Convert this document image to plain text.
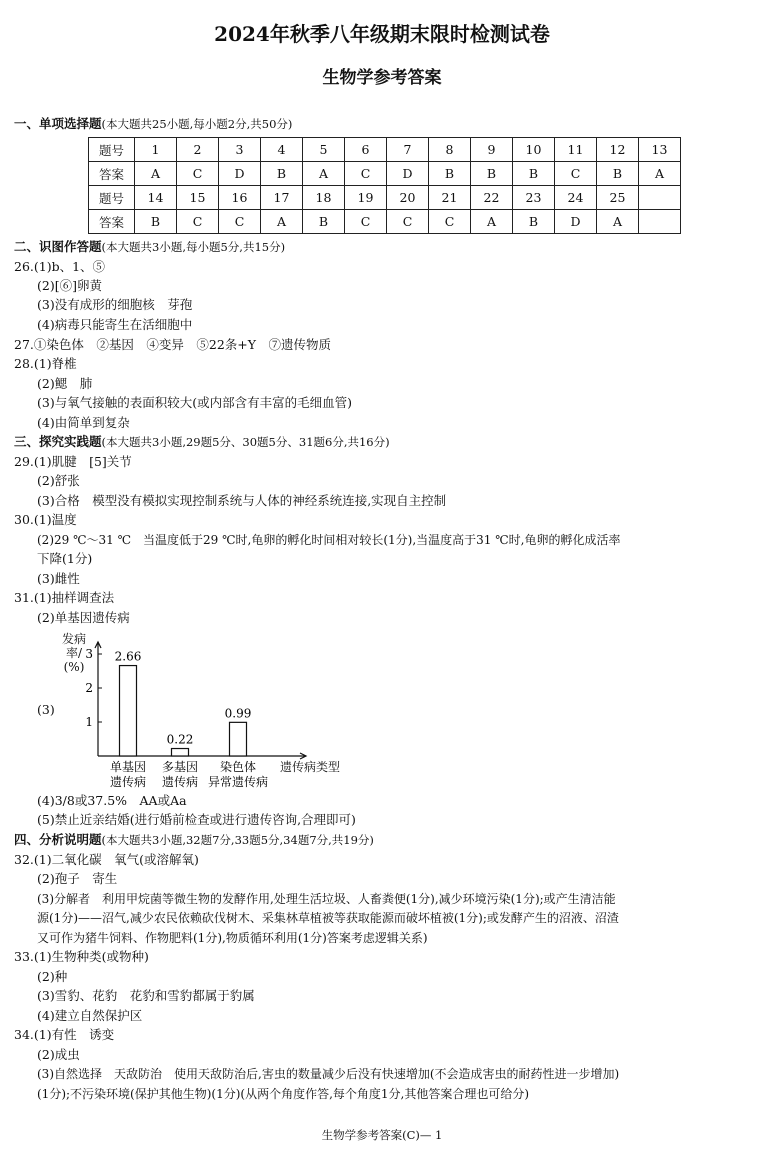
2024年秋季八年级期末限时检测试卷
生物学参考答案
一、单项选择题(本大题共25小题,每小题2分,共50分)
题号	1	2	3	4	5	6	7	8	9	10	11	12	13
答案	A	C	D	B	A	C	D	B	B	B	C	B	A
题号	14	15	16	17	18	19	20	21	22	23	24	25	
答案	B	C	C	A	B	C	C	C	A	B	D	A	
二、识图作答题(本大题共3小题,每小题5分,共15分)
26.(1)b、1、⑤
(2)[⑥]卵黄
(3)没有成形的细胞核　芽孢
(4)病毒只能寄生在活细胞中
27.①染色体　②基因　④变异　⑤22条+Y　⑦遗传物质
28.(1)脊椎
(2)鳃　肺
(3)与氧气接触的表面积较大(或内部含有丰富的毛细血管)
(4)由简单到复杂
三、探究实践题(本大题共3小题,29题5分、30题5分、31题6分,共16分)
29.(1)肌腱　[5]关节
(2)舒张
(3)合格　模型没有模拟实现控制系统与人体的神经系统连接,实现自主控制
30.(1)温度
(2)29 ℃～31 ℃　当温度低于29 ℃时,龟卵的孵化时间相对较长(1分),当温度高于31 ℃时,龟卵的孵化成活率
下降(1分)
(3)雌性
31.(1)抽样调查法
(2)单基因遗传病
(3)
发病率/(%)
1
2
3 2.66
单基因
遗传病
0.22
多基因
遗传病
0.99
染色体
异常遗传病
遗传病类型
(4)3/8或37.5%　AA或Aa
(5)禁止近亲结婚(进行婚前检查或进行遗传咨询,合理即可)
四、分析说明题(本大题共3小题,32题7分,33题5分,34题7分,共19分)
32.(1)二氧化碳　氧气(或溶解氧)
(2)孢子　寄生
(3)分解者　利用甲烷菌等微生物的发酵作用,处理生活垃圾、人畜粪便(1分),减少环境污染(1分);或产生清洁能
源(1分)——沼气,减少农民依赖砍伐树木、采集林草植被等获取能源而破坏植被(1分);或发酵产生的沼液、沼渣
又可作为猪牛饲料、作物肥料(1分),物质循环利用(1分)答案考虑逻辑关系)
33.(1)生物种类(或物种)
(2)种
(3)雪豹、花豹　花豹和雪豹都属于豹属
(4)建立自然保护区
34.(1)有性　诱变
(2)成虫
(3)自然选择　天敌防治　使用天敌防治后,害虫的数量减少后没有快速增加(不会造成害虫的耐药性进一步增加)
(1分);不污染环境(保护其他生物)(1分)(从两个角度作答,每个角度1分,其他答案合理也可给分)
生物学参考答案(C)— 1
